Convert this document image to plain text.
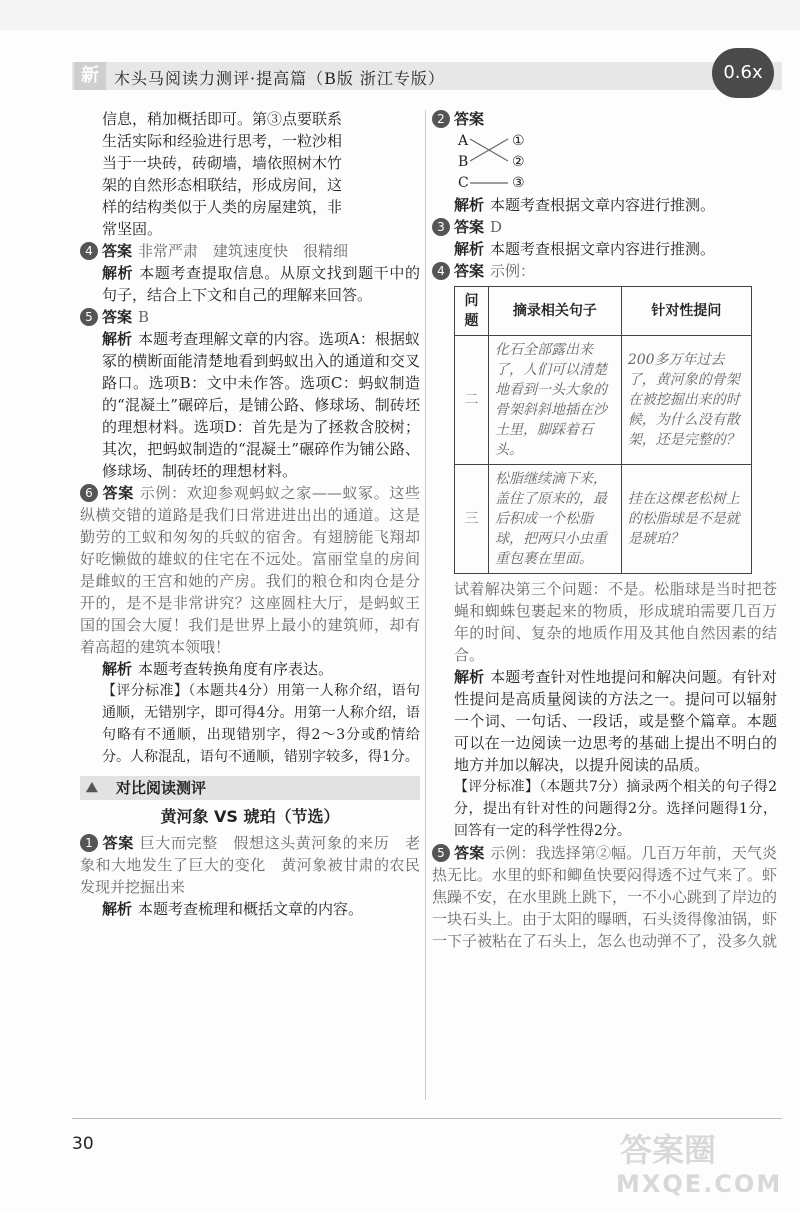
新 木头马阅读力测评·提高篇（B版 浙江专版）	0.6x
信息，稍加概括即可。第③点要联系
生活实际和经验进行思考，一粒沙相
当于一块砖，砖砌墙，墙依照树木竹
架的自然形态相联结，形成房间，这
样的结构类似于人类的房屋建筑，非
常坚固。
4 答案 非常严肃　建筑速度快　很精细
解析 本题考查提取信息。从原文找到题干中的句子，结合上下文和自己的理解来回答。
5 答案 B
解析 本题考查理解文章的内容。选项A：根据蚁冢的横断面能清楚地看到蚂蚁出入的通道和交叉路口。选项B：文中未作答。选项C：蚂蚁制造的“混凝土”碾碎后，是铺公路、修球场、制砖坯的理想材料。选项D：首先是为了拯救含胶树；其次，把蚂蚁制造的“混凝土”碾碎作为铺公路、修球场、制砖坯的理想材料。
6 答案 示例：欢迎参观蚂蚁之家——蚁冢。这些纵横交错的道路是我们日常进进出出的通道。这是勤劳的工蚁和匆匆的兵蚁的宿舍。有翅膀能飞翔却好吃懒做的雄蚁的住宅在不远处。富丽堂皇的房间是雌蚁的王宫和她的产房。我们的粮仓和肉仓是分开的，是不是非常讲究？这座圆柱大厅，是蚂蚁王国的国会大厦！我们是世界上最小的建筑师，却有着高超的建筑本领哦！
解析 本题考查转换角度有序表达。
【评分标准】（本题共4分）用第一人称介绍，语句通顺，无错别字，即可得4分。用第一人称介绍，语句略有不通顺，出现错别字，得2～3分或酌情给分。人称混乱，语句不通顺，错别字较多，得1分。
⛰	对比阅读测评
黄河象 VS 琥珀（节选）
1 答案 巨大而完整　假想这头黄河象的来历　老象和大地发生了巨大的变化　黄河象被甘肃的农民发现并挖掘出来
解析 本题考查梳理和概括文章的内容。
2 答案
A
B
C
①
②
③
解析 本题考查根据文章内容进行推测。
3 答案 D
解析 本题考查根据文章内容进行推测。
4 答案 示例：
问题	摘录相关句子	针对性提问
二	化石全部露出来了，人们可以清楚地看到一头大象的骨架斜斜地插在沙土里，脚踩着石头。	200多万年过去了，黄河象的骨架在被挖掘出来的时候，为什么没有散架，还是完整的？
三	松脂继续滴下来，盖住了原来的，最后积成一个松脂球，把两只小虫重重包裹在里面。	挂在这棵老松树上的松脂球是不是就是琥珀？
试着解决第三个问题：不是。松脂球是当时把苍蝇和蜘蛛包裹起来的物质，形成琥珀需要几百万年的时间、复杂的地质作用及其他自然因素的结合。
解析 本题考查针对性地提问和解决问题。有针对性提问是高质量阅读的方法之一。提问可以辐射一个词、一句话、一段话，或是整个篇章。本题可以在一边阅读一边思考的基础上提出不明白的地方并加以解决，以提升阅读的品质。
【评分标准】（本题共7分）摘录两个相关的句子得2分，提出有针对性的问题得2分。选择问题得1分，回答有一定的科学性得2分。
5 答案 示例：我选择第②幅。几百万年前，天气炎热无比。水里的虾和鲫鱼快要闷得透不过气来了。虾焦躁不安，在水里跳上跳下，一不小心跳到了岸边的一块石头上。由于太阳的曝晒，石头烫得像油锅，虾一下子被粘在了石头上，怎么也动弹不了，没多久就
30	答案圈
MXQE.COM
